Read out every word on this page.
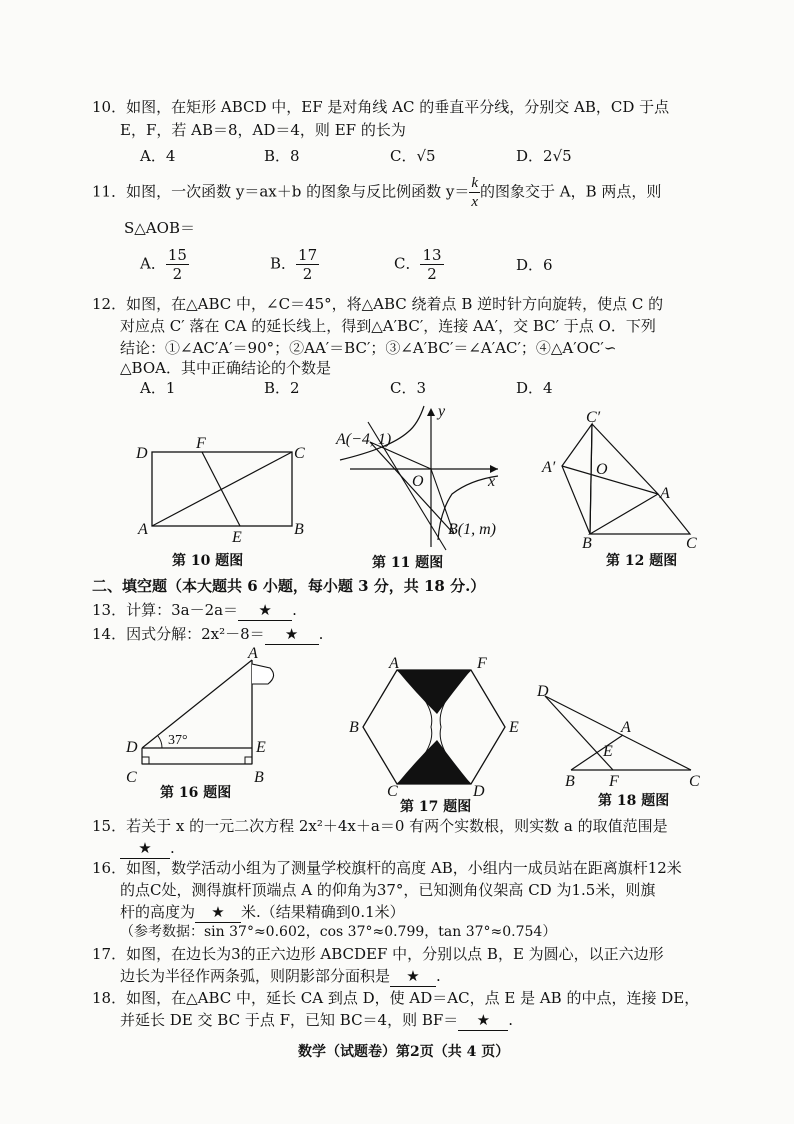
10．如图，在矩形 ABCD 中，EF 是对角线 AC 的垂直平分线，分别交 AB，CD 于点
E，F，若 AB＝8，AD＝4，则 EF 的长为
A．4	B．8	C．√5	D．2√5
11．如图，一次函数 y＝ax＋b 的图象与反比例函数 $y= \frac{k}{x}$ 的图象交于 A，B 两点，则
S△AOB＝
A． $\frac{15}{2}$	B． $\frac{17}{2}$	C． $\frac{13}{2}$	D．6
12．如图，在△ABC 中，∠C＝45°，将△ABC 绕着点 B 逆时针方向旋转，使点 C 的
对应点 C′ 落在 CA 的延长线上，得到△A′BC′，连接 AA′，交 BC′ 于点 O．下列
结论：①∠AC′A′＝90°；②AA′＝BC′；③∠A′BC′＝∠A′AC′；④△A′OC′∽
△BOA．其中正确结论的个数是
A．1	B．2	C．3	D．4
D
F
C
A	E	B
第 10 题图
A(−4, 1)
O	x
y
B(1, m)
第 11 题图
C′
A′	O
A
B	C
第 12 题图
二、填空题（本大题共 6 小题，每小题 3 分，共 18 分.）
13．计算：3a－2a＝ ★ .
14．因式分解：2x²－8＝ ★ .
A
D	E
C	B
37°
第 16 题图
A	F
B	E
C	D
第 17 题图
D
A
E
B F	C
第 18 题图
15．若关于 x 的一元二次方程 2x²＋4x＋a＝0 有两个实数根，则实数 a 的取值范围是
★ .
16．如图，数学活动小组为了测量学校旗杆的高度 AB，小组内一成员站在距离旗杆12米
的点C处，测得旗杆顶端点 A 的仰角为37°，已知测角仪架高 CD 为1.5米，则旗
杆的高度为 ★ 米.（结果精确到0.1米）
（参考数据：sin 37°≈0.602，cos 37°≈0.799，tan 37°≈0.754）
17．如图，在边长为3的正六边形 ABCDEF 中，分别以点 B，E 为圆心，以正六边形
边长为半径作两条弧，则阴影部分面积是 ★ .
18．如图，在△ABC 中，延长 CA 到点 D，使 AD＝AC，点 E 是 AB 的中点，连接 DE，
并延长 DE 交 BC 于点 F，已知 BC＝4，则 BF＝ ★ .
数学（试题卷）第2页（共 4 页）
